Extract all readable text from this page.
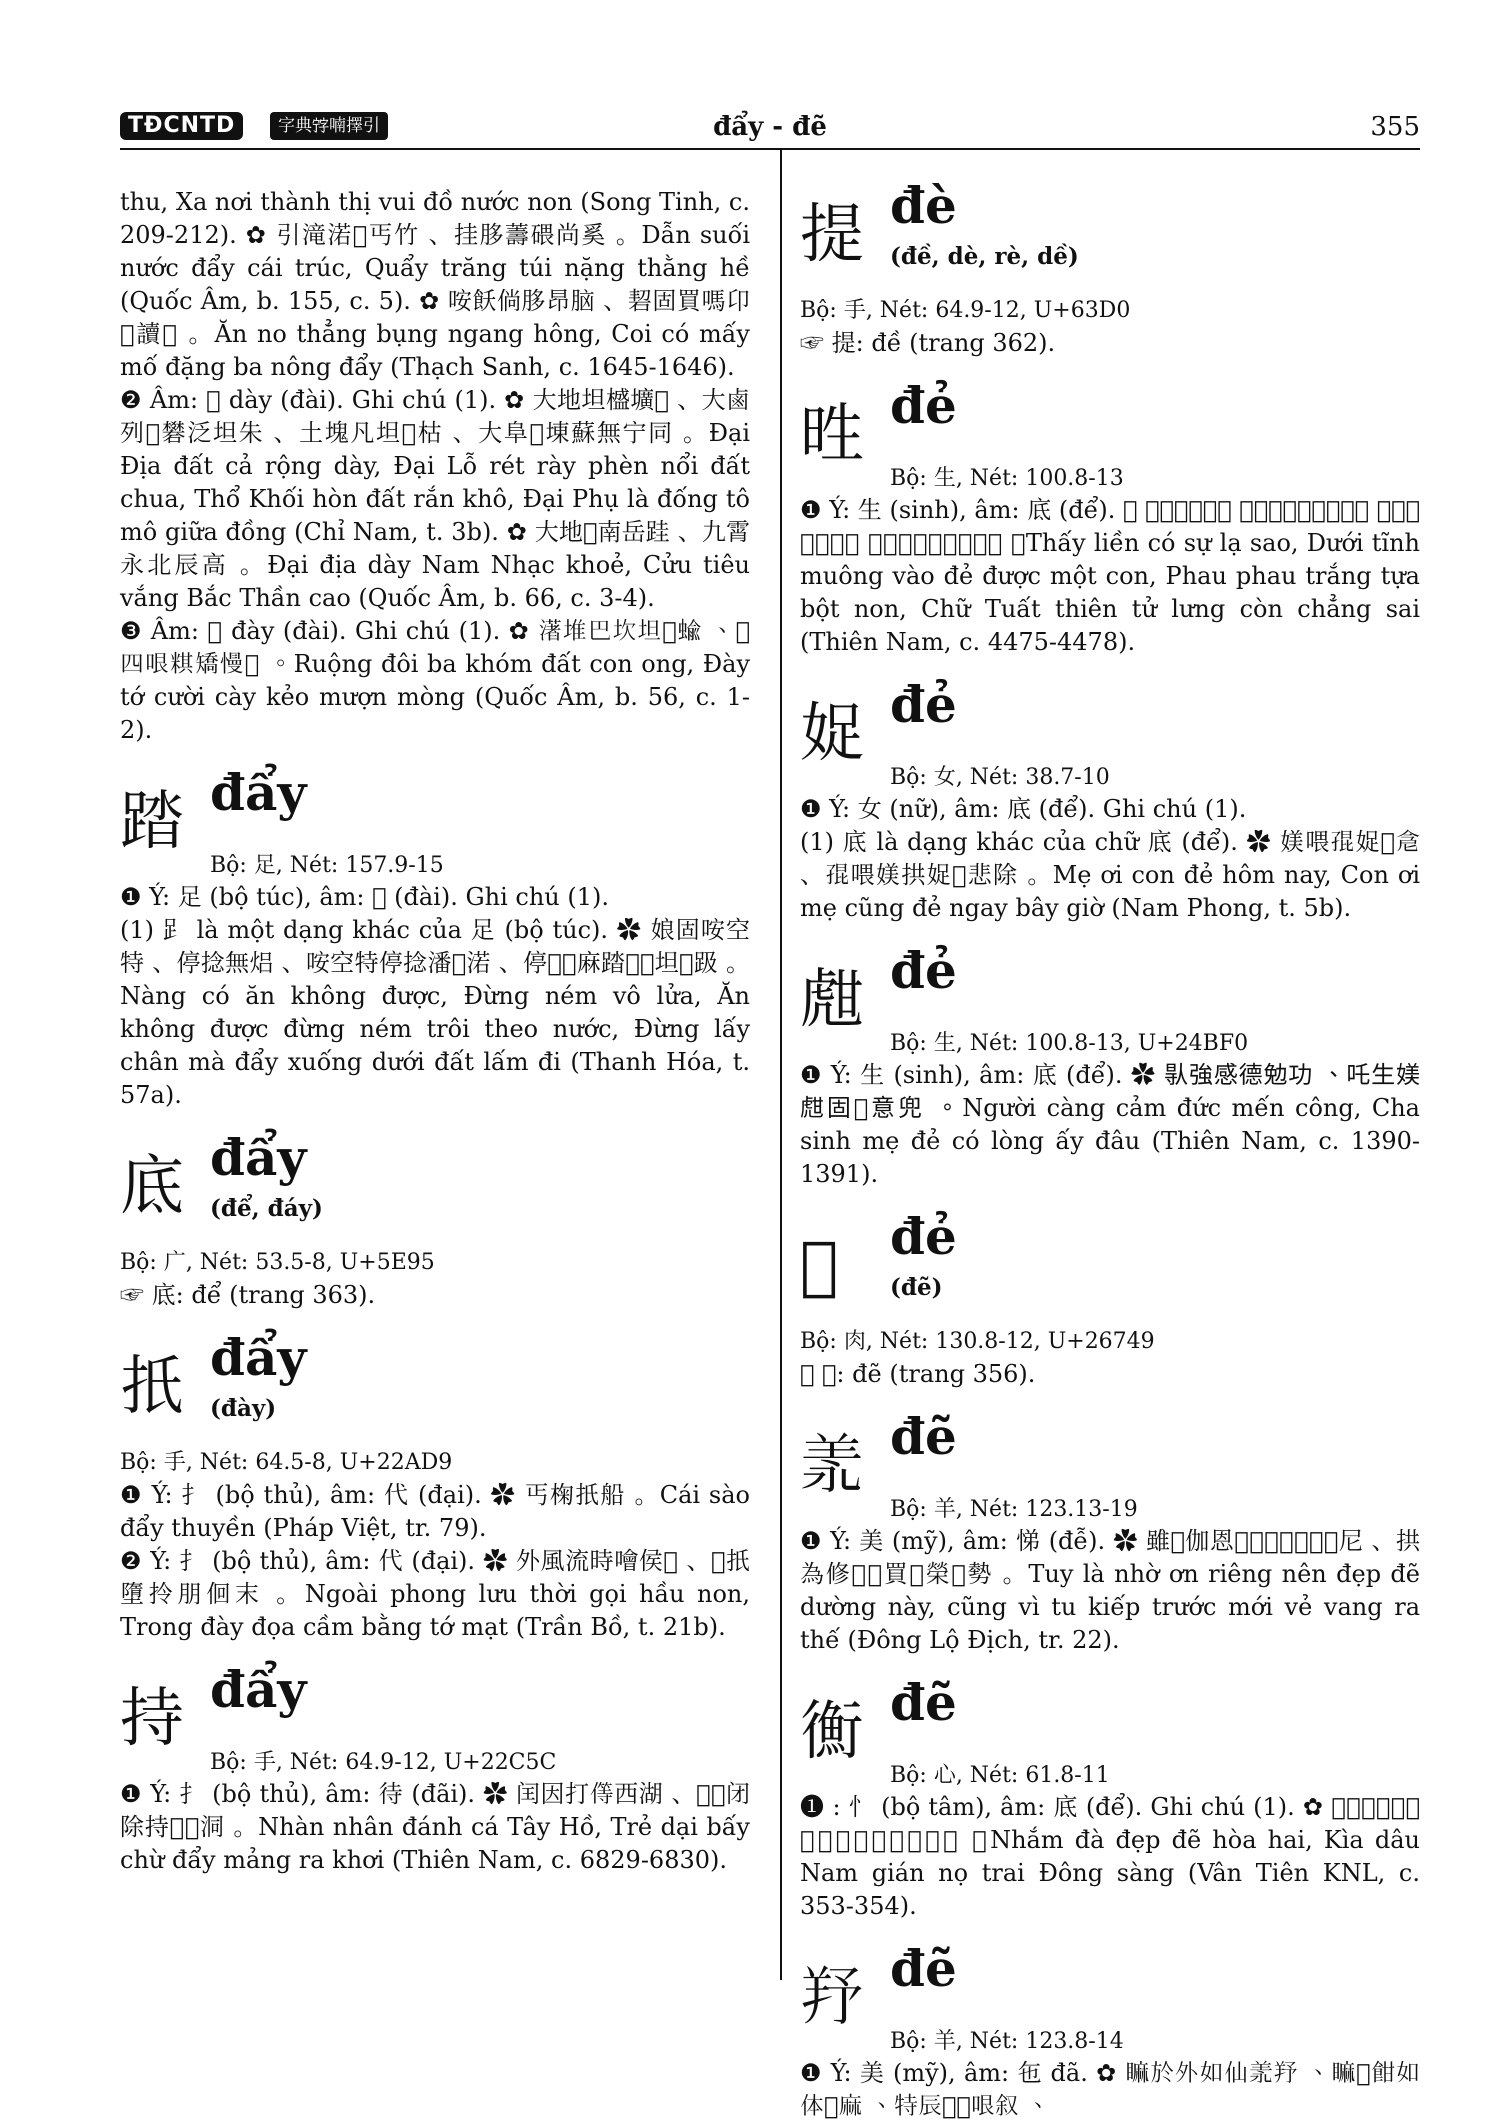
TĐCNTD	字典𡨸喃擇引	đẩy - đẽ	355

thu, Xa nơi thành thị vui đồ nước non (Song Tinh, c. 209-212). ✿ 引滝渃𦝄丐竹 、挂䏧薵碨尚奚 。Dẫn suối nước đẩy cái trúc, Quẩy trăng túi nặng thằng hề (Quốc Âm, b. 155, c. 5). ✿ 咹飫倘䏧昂脑 、䂮固買嗎卬𢀭讀𦝄 。Ăn no thẳng bụng ngang hông, Coi có mấy mố đặng ba nông đẩy (Thạch Sanh, c. 1645-1646).

❷ Âm: 𦝄 dày (đài). Ghi chú (1). ✿ 大地坦𣛮壙𦝄 、大鹵列𥗹礬泛坦朱 、土塊凡坦𠓨枯 、大阜𡗶埬蘇無宁同 。Đại Địa đất cả rộng dày, Đại Lỗ rét rày phèn nổi đất chua, Thổ Khối hòn đất rắn khô, Đại Phụ là đống tô mô giữa đồng (Chỉ Nam, t. 3b). ✿ 大地𦝄南岳跬 、九霄永北辰高 。Đại địa dày Nam Nhạc khoẻ, Cửu tiêu vắng Bắc Thần cao (Quốc Âm, b. 66, c. 3-4).

❸ Âm: 𦝄 đày (đài). Ghi chú (1). ✿ 𤀞堆巴坎坦𧋻蝓 、𦝄四哏粸矯慢𦝄 。Ruộng đôi ba khóm đất con ong, Đày tớ cười cày kẻo mượn mòng (Quốc Âm, b. 56, c. 1-2).

踏 đẩy
Bộ: 足, Nét: 157.9-15

❶ Ý: 足 (bộ túc), âm: 𦝄 (đài). Ghi chú (1).

(1) 𧾷 là một dạng khác của 足 (bộ túc). ✿ 娘固咹空特 、停捻無焒 、咹空特停捻潘𨆢渃 、停𢪀𨉟麻踏𧿆𦝄坦𡑖趿 。Nàng có ăn không được, Đừng ném vô lửa, Ăn không được đừng ném trôi theo nước, Đừng lấy chân mà đẩy xuống dưới đất lấm đi (Thanh Hóa, t. 57a).

底 đẩy
(để, đáy)

Bộ: 广, Nét: 53.5-8, U+5E95

☞ 底: để (trang 363).

扺 đẩy
(đày)

Bộ: 手, Nét: 64.5-8, U+22AD9

❶ Ý: 扌 (bộ thủ), âm: 代 (đại). ✿ 丐椈扺船 。Cái sào đẩy thuyền (Pháp Việt, tr. 79).

❷ Ý: 扌 (bộ thủ), âm: 代 (đại). ✿ 外風流時噲侯𡮍 、𦣰扺墮拎朋佪末 。Ngoài phong lưu thời gọi hầu non, Trong đày đọa cầm bằng tớ mạt (Trần Bồ, t. 21b).

持 đẩy
Bộ: 手, Nét: 64.9-12, U+22C5C

❶ Ý: 扌 (bộ thủ), âm: 待 (đãi). ✿ 闰因打𠎬西湖 、𠁵𤴬闭除持𦝄𦝄洞 。Nhàn nhân đánh cá Tây Hồ, Trẻ dại bấy chừ đẩy mảng ra khơi (Thiên Nam, c. 6829-6830).

提 đè
(đề, dè, rè, dề)

Bộ: 手, Nét: 64.9-12, U+63D0

☞ 提: đề (trang 362).

甠 đẻ
Bộ: 生, Nét: 100.8-13

❶ Ý: 生 (sinh), âm: 底 (để). ✿ 𧡊連固事𢌌牢 、𨑜靖𤞼𠓨甠特𠬠昆 、抛抛𤽸似𩛄嫩 、㝵戌天子䏧群拯差 。Thấy liền có sự lạ sao, Dưới tĩnh muông vào đẻ được một con, Phau phau trắng tựa bột non, Chữ Tuất thiên tử lưng còn chẳng sai (Thiên Nam, c. 4475-4478).

娖 đẻ
Bộ: 女, Nét: 38.7-10

❶ Ý: 女 (nữ), âm: 底 (để). Ghi chú (1).

(1) 底 là dạng khác của chữ 底 (để). ✿ 媄喂𡥵娖𣋚𠉞 、𡥵喂媄拱娖𣦍悲除 。Mẹ ơi con đẻ hôm nay, Con ơi mẹ cũng đẻ ngay bây giờ (Nam Phong, t. 5b).

甝 đẻ
Bộ: 生, Nét: 100.8-13, U+24BF0

❶ Ý: 生 (sinh), âm: 底 (để). ✿ 𠊛強感德勉功 、吒生媄甝固𢚸意兜 。Người càng cảm đức mến công, Cha sinh mẹ đẻ có lòng ấy đâu (Thiên Nam, c. 1390-1391).

𦢳 đẻ
(đẽ)

Bộ: 肉, Nét: 130.8-12, U+26749

☞ 𦢳: đẽ (trang 356).

𦍛 đẽ
Bộ: 羊, Nét: 123.13-19

❶ Ý: 美 (mỹ), âm: 悌 (đễ). ✿ 雖𦋦伽恩𥢆𢀭𦍛𢀭𣎏𦍛𣹕尼 、拱為修𠛤𥒥買𠭤榮𦍛勢 。Tuy là nhờ ơn riêng nên đẹp đẽ dường này, cũng vì tu kiếp trước mới vẻ vang ra thế (Đông Lộ Địch, tr. 22).

𢖍 đẽ
Bộ: 心, Nét: 61.8-11

❶ : 忄 (bộ tâm), âm: 底 (để). Ghi chú (1). ✿ 𥄮它𢣂𢖍和𠄩 、嘆妯南諫𪡔𦍛東床 。Nhắm đà đẹp đẽ hòa hai, Kìa dâu Nam gián nọ trai Đông sàng (Vân Tiên KNL, c. 353-354).

𦍗 đẽ
Bộ: 羊, Nét: 123.8-14

❶ Ý: 美 (mỹ), âm: 㐌 đã. ✿ 𥊚於外如仙𦍛𦍗 、𥊚𢀭𩚵如体𥟉麻 、特辰𢜝𥒥哏叙 、
